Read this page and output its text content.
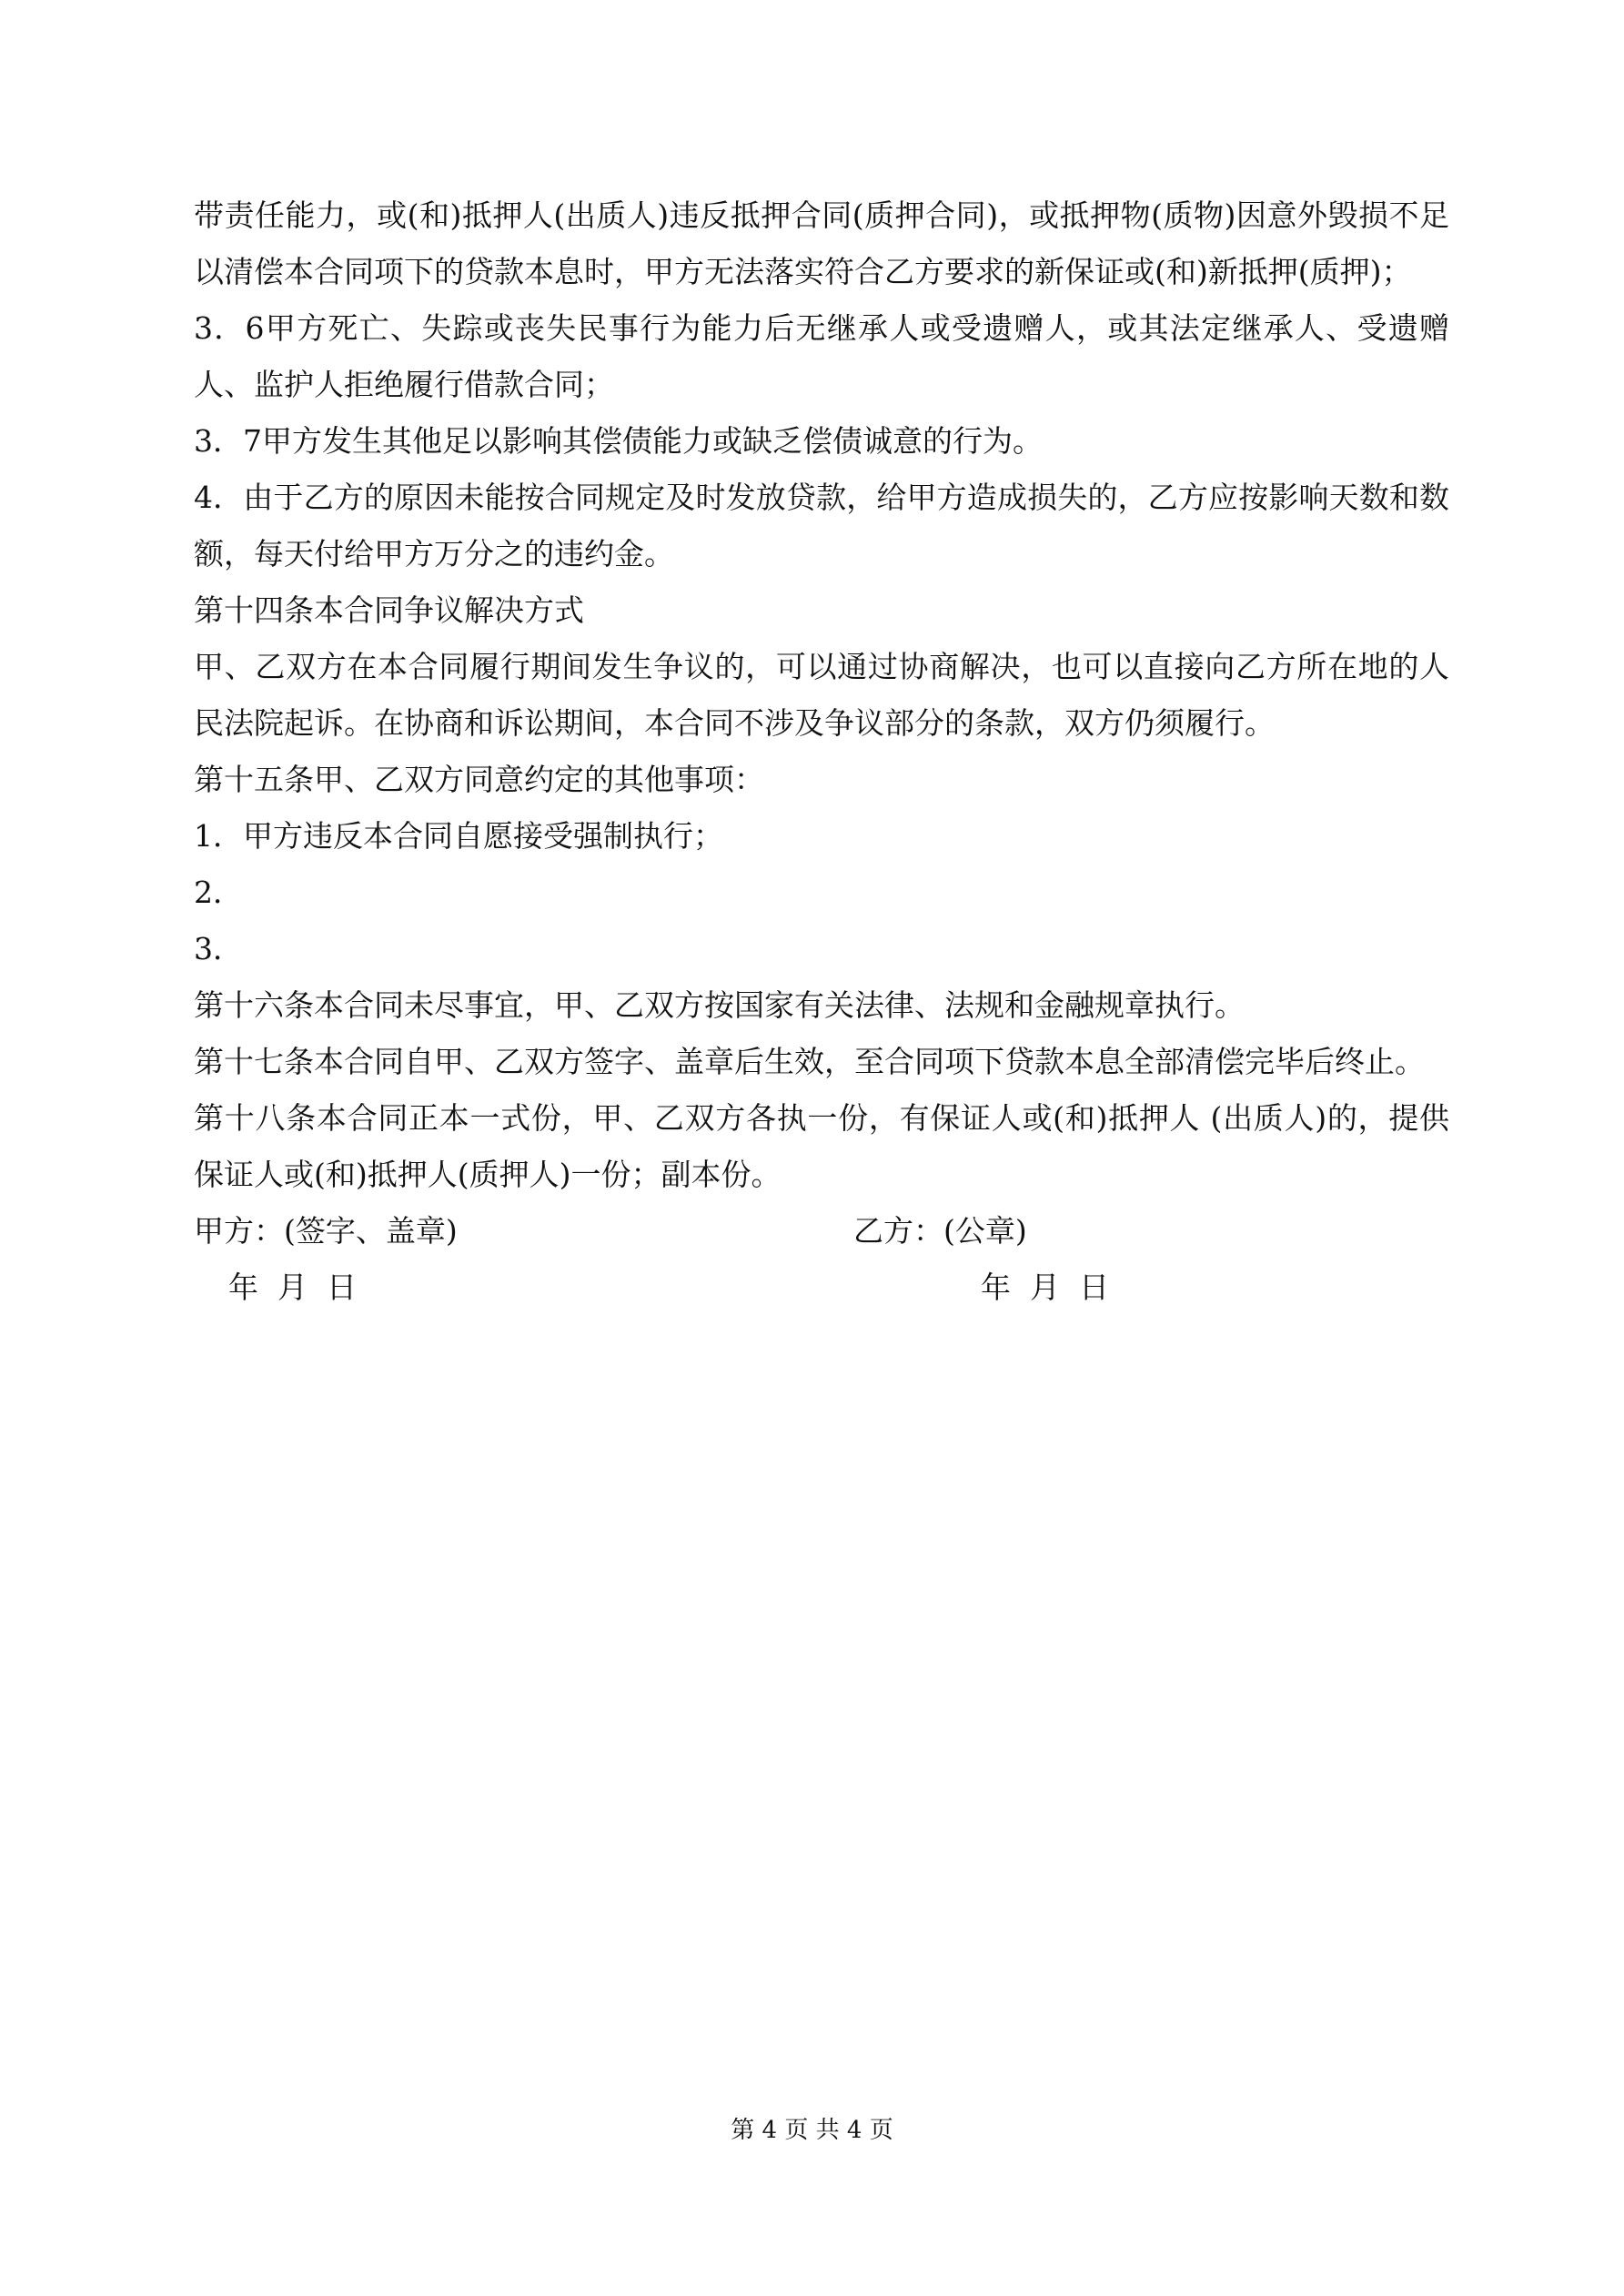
带责任能力，或(和)抵押人(出质人)违反抵押合同(质押合同)，或抵押物(质物)因意外毁损不足以清偿本合同项下的贷款本息时，甲方无法落实符合乙方要求的新保证或(和)新抵押(质押)；

3．6甲方死亡、失踪或丧失民事行为能力后无继承人或受遗赠人，或其法定继承人、受遗赠人、监护人拒绝履行借款合同；

3．7甲方发生其他足以影响其偿债能力或缺乏偿债诚意的行为。

4．由于乙方的原因未能按合同规定及时发放贷款，给甲方造成损失的，乙方应按影响天数和数额，每天付给甲方万分之的违约金。

第十四条本合同争议解决方式

甲、乙双方在本合同履行期间发生争议的，可以通过协商解决，也可以直接向乙方所在地的人民法院起诉。在协商和诉讼期间，本合同不涉及争议部分的条款，双方仍须履行。

第十五条甲、乙双方同意约定的其他事项：

1．甲方违反本合同自愿接受强制执行；

2．

3．

第十六条本合同未尽事宜，甲、乙双方按国家有关法律、法规和金融规章执行。

第十七条本合同自甲、乙双方签字、盖章后生效，至合同项下贷款本息全部清偿完毕后终止。

第十八条本合同正本一式份，甲、乙双方各执一份，有保证人或(和)抵押人 (出质人)的，提供保证人或(和)抵押人(质押人)一份；副本份。

甲方：(签字、盖章)	乙方：(公章)
年  月  日	年  月  日
第 4 页 共 4 页
